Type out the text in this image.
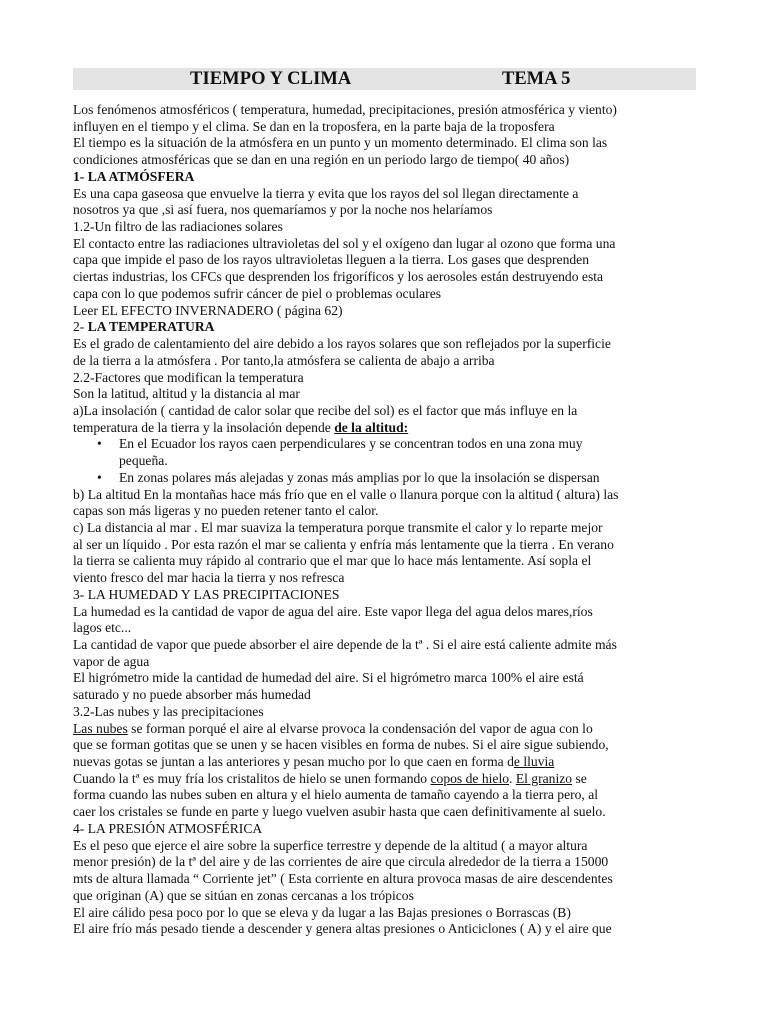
TIEMPO Y CLIMA	TEMA 5
Los fenómenos atmosféricos ( temperatura, humedad, precipitaciones, presión atmosférica y viento)
influyen en el tiempo y el clima. Se dan en la troposfera, en la parte baja de la troposfera
El tiempo es la situación de la atmósfera en un punto y un momento determinado. El clima son las
condiciones atmosféricas que se dan en una región en un periodo largo de tiempo( 40 años)
1- LA ATMÓSFERA
Es una capa gaseosa que envuelve la tierra y evita que los rayos del sol llegan directamente a
nosotros ya que ,si así fuera, nos quemaríamos y por la noche nos helaríamos
1.2-Un filtro de las radiaciones solares
El contacto entre las radiaciones ultravioletas del sol y el oxígeno dan lugar al ozono que forma una
capa que impide el paso de los rayos ultravioletas lleguen a la tierra. Los gases que desprenden
ciertas industrias, los CFCs que desprenden los frigoríficos y los aerosoles están destruyendo esta
capa con lo que podemos sufrir cáncer de piel o problemas oculares
Leer EL EFECTO INVERNADERO ( página 62)
2- LA TEMPERATURA
Es el grado de calentamiento del aire debido a los rayos solares que son reflejados por la superficie
de la tierra a la atmósfera . Por tanto,la atmósfera se calienta de abajo a arriba
2.2-Factores que modifican la temperatura
Son la latitud, altitud y la distancia al mar
a)La insolación ( cantidad de calor solar que recibe del sol) es el factor que más influye en la
temperatura de la tierra y la insolación depende de la altitud:
• En el Ecuador los rayos caen perpendiculares y se concentran todos en una zona muy
pequeña.
• En zonas polares más alejadas y zonas más amplias por lo que la insolación se dispersan
b) La altitud En la montañas hace más frío que en el valle o llanura porque con la altitud ( altura) las
capas son más ligeras y no pueden retener tanto el calor.
c) La distancia al mar . El mar suaviza la temperatura porque transmite el calor y lo reparte mejor
al ser un líquido . Por esta razón el mar se calienta y enfría más lentamente que la tierra . En verano
la tierra se calienta muy rápido al contrario que el mar que lo hace más lentamente. Así sopla el
viento fresco del mar hacia la tierra y nos refresca
3- LA HUMEDAD Y LAS PRECIPITACIONES
La humedad es la cantidad de vapor de agua del aire. Este vapor llega del agua delos mares,ríos
lagos etc...
La cantidad de vapor que puede absorber el aire depende de la tª . Si el aire está caliente admite más
vapor de agua
El higrómetro mide la cantidad de humedad del aire. Si el higrómetro marca 100% el aire está
saturado y no puede absorber más humedad
3.2-Las nubes y las precipitaciones
Las nubes se forman porqué el aire al elvarse provoca la condensación del vapor de agua con lo
que se forman gotitas que se unen y se hacen visibles en forma de nubes. Si el aire sigue subiendo,
nuevas gotas se juntan a las anteriores y pesan mucho por lo que caen en forma de lluvia
Cuando la tª es muy fría los cristalitos de hielo se unen formando copos de hielo. El granizo se
forma cuando las nubes suben en altura y el hielo aumenta de tamaño cayendo a la tierra pero, al
caer los cristales se funde en parte y luego vuelven asubir hasta que caen definitivamente al suelo.
4- LA PRESIÓN ATMOSFÉRICA
Es el peso que ejerce el aire sobre la superfice terrestre y depende de la altitud ( a mayor altura
menor presión) de la tª del aire y de las corrientes de aire que circula alrededor de la tierra a 15000
mts de altura llamada “ Corriente jet” ( Esta corriente en altura provoca masas de aire descendentes
que originan (A) que se sitúan en zonas cercanas a los trópicos
El aire cálido pesa poco por lo que se eleva y da lugar a las Bajas presiones o Borrascas (B)
El aire frío más pesado tiende a descender y genera altas presiones o Anticiclones ( A) y el aire que
